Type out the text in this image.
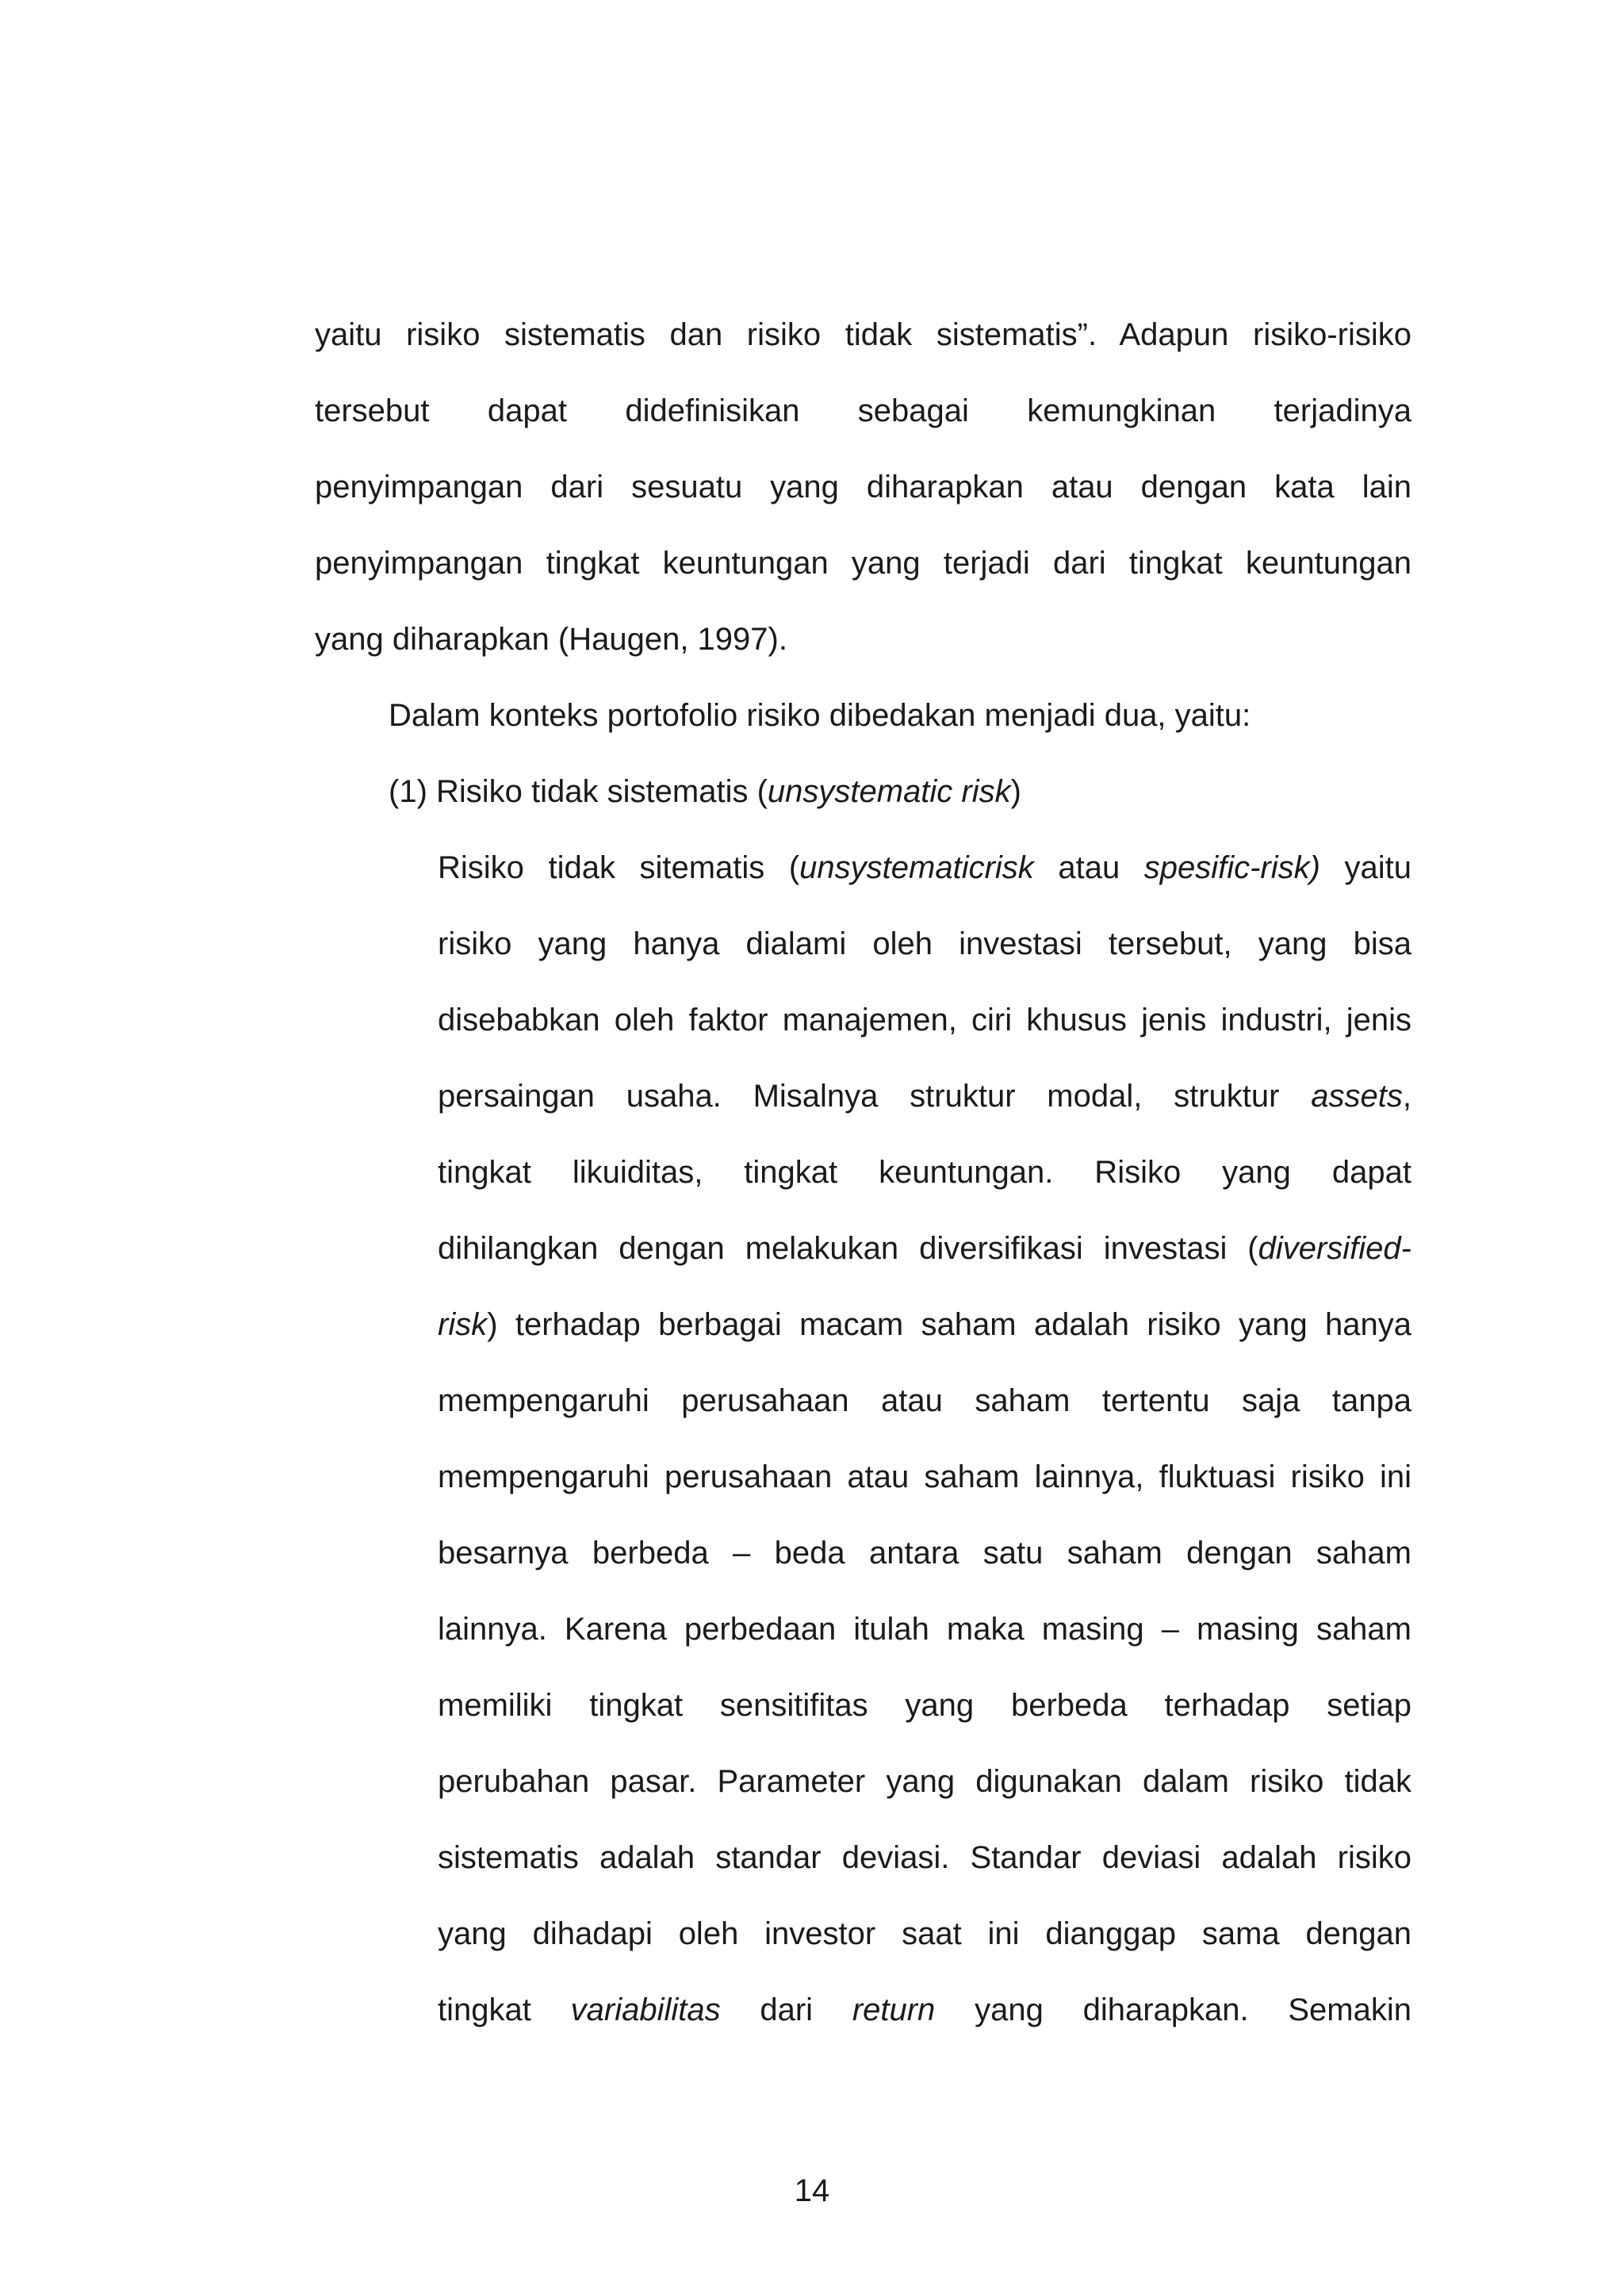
yaitu risiko sistematis dan risiko tidak sistematis”. Adapun risiko-risiko
tersebut dapat didefinisikan sebagai kemungkinan terjadinya
penyimpangan dari sesuatu yang diharapkan atau dengan kata lain
penyimpangan tingkat keuntungan yang terjadi dari tingkat keuntungan
yang diharapkan (Haugen, 1997).
Dalam konteks portofolio risiko dibedakan menjadi dua, yaitu:
(1) Risiko tidak sistematis (unsystematic risk)
Risiko tidak sitematis (unsystematicrisk atau spesific-risk) yaitu
risiko yang hanya dialami oleh investasi tersebut, yang bisa
disebabkan oleh faktor manajemen, ciri khusus jenis industri, jenis
persaingan usaha. Misalnya struktur modal, struktur assets,
tingkat likuiditas, tingkat keuntungan. Risiko yang dapat
dihilangkan dengan melakukan diversifikasi investasi (diversified-
risk) terhadap berbagai macam saham adalah risiko yang hanya
mempengaruhi perusahaan atau saham tertentu saja tanpa
mempengaruhi perusahaan atau saham lainnya, fluktuasi risiko ini
besarnya berbeda – beda antara satu saham dengan saham
lainnya. Karena perbedaan itulah maka masing – masing saham
memiliki tingkat sensitifitas yang berbeda terhadap setiap
perubahan pasar. Parameter yang digunakan dalam risiko tidak
sistematis adalah standar deviasi. Standar deviasi adalah risiko
yang dihadapi oleh investor saat ini dianggap sama dengan
tingkat variabilitas dari return yang diharapkan. Semakin
14
